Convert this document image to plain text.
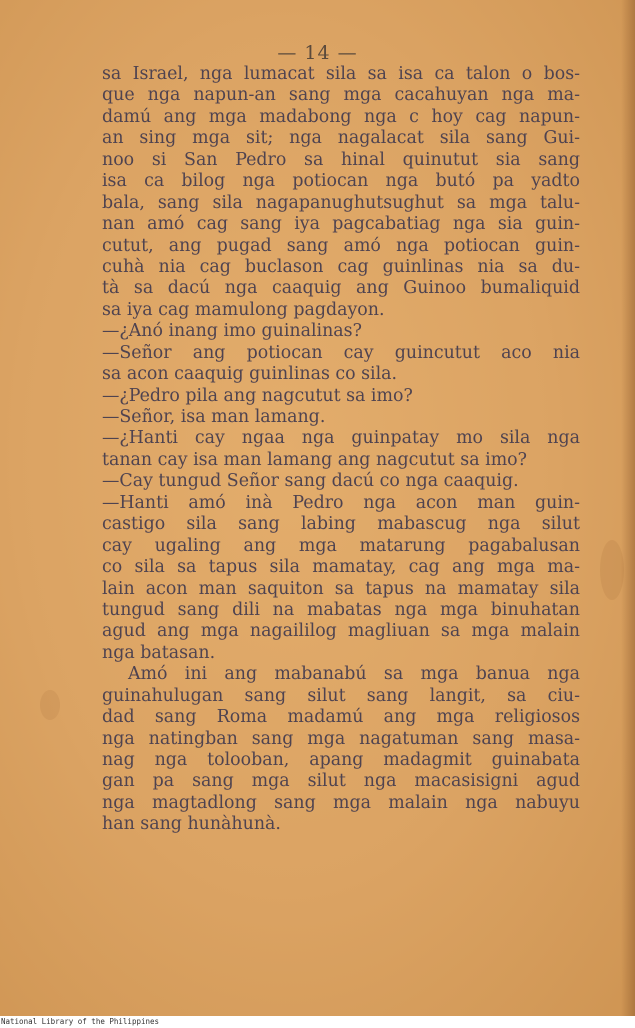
— 14 —
sa Israel, nga lumacat sila sa isa ca talon o bos-
que nga napun-an sang mga cacahuyan nga ma-
damú ang mga madabong nga c hoy cag napun-
an sing mga sit; nga nagalacat sila sang Gui-
noo si San Pedro sa hinal quinutut sia sang
isa ca bilog nga potiocan nga butó pa yadto
bala, sang sila nagapanughutsughut sa mga talu-
nan amó cag sang iya pagcabatiag nga sia guin-
cutut, ang pugad sang amó nga potiocan guin-
cuhà nia cag buclason cag guinlinas nia sa du-
tà sa dacú nga caaquig ang Guinoo bumaliquid
sa iya cag mamulong pagdayon.
—¿Anó inang imo guinalinas?
—Señor ang potiocan cay guincutut aco nia
sa acon caaquig guinlinas co sila.
—¿Pedro pila ang nagcutut sa imo?
—Señor, isa man lamang.
—¿Hanti cay ngaa nga guinpatay mo sila nga
tanan cay isa man lamang ang nagcutut sa imo?
—Cay tungud Señor sang dacú co nga caaquig.
—Hanti amó inà Pedro nga acon man guin-
castigo sila sang labing mabascug nga silut
cay ugaling ang mga matarung pagabalusan
co sila sa tapus sila mamatay, cag ang mga ma-
lain acon man saquiton sa tapus na mamatay sila
tungud sang dili na mabatas nga mga binuhatan
agud ang mga nagaililog magliuan sa mga malain
nga batasan.
Amó ini ang mabanabú sa mga banua nga
guinahulugan sang silut sang langit, sa ciu-
dad sang Roma madamú ang mga religiosos
nga natingban sang mga nagatuman sang masa-
nag nga tolooban, apang madagmit guinabata
gan pa sang mga silut nga macasisigni agud
nga magtadlong sang mga malain nga nabuyu
han sang hunàhunà.
National Library of the Philippines
